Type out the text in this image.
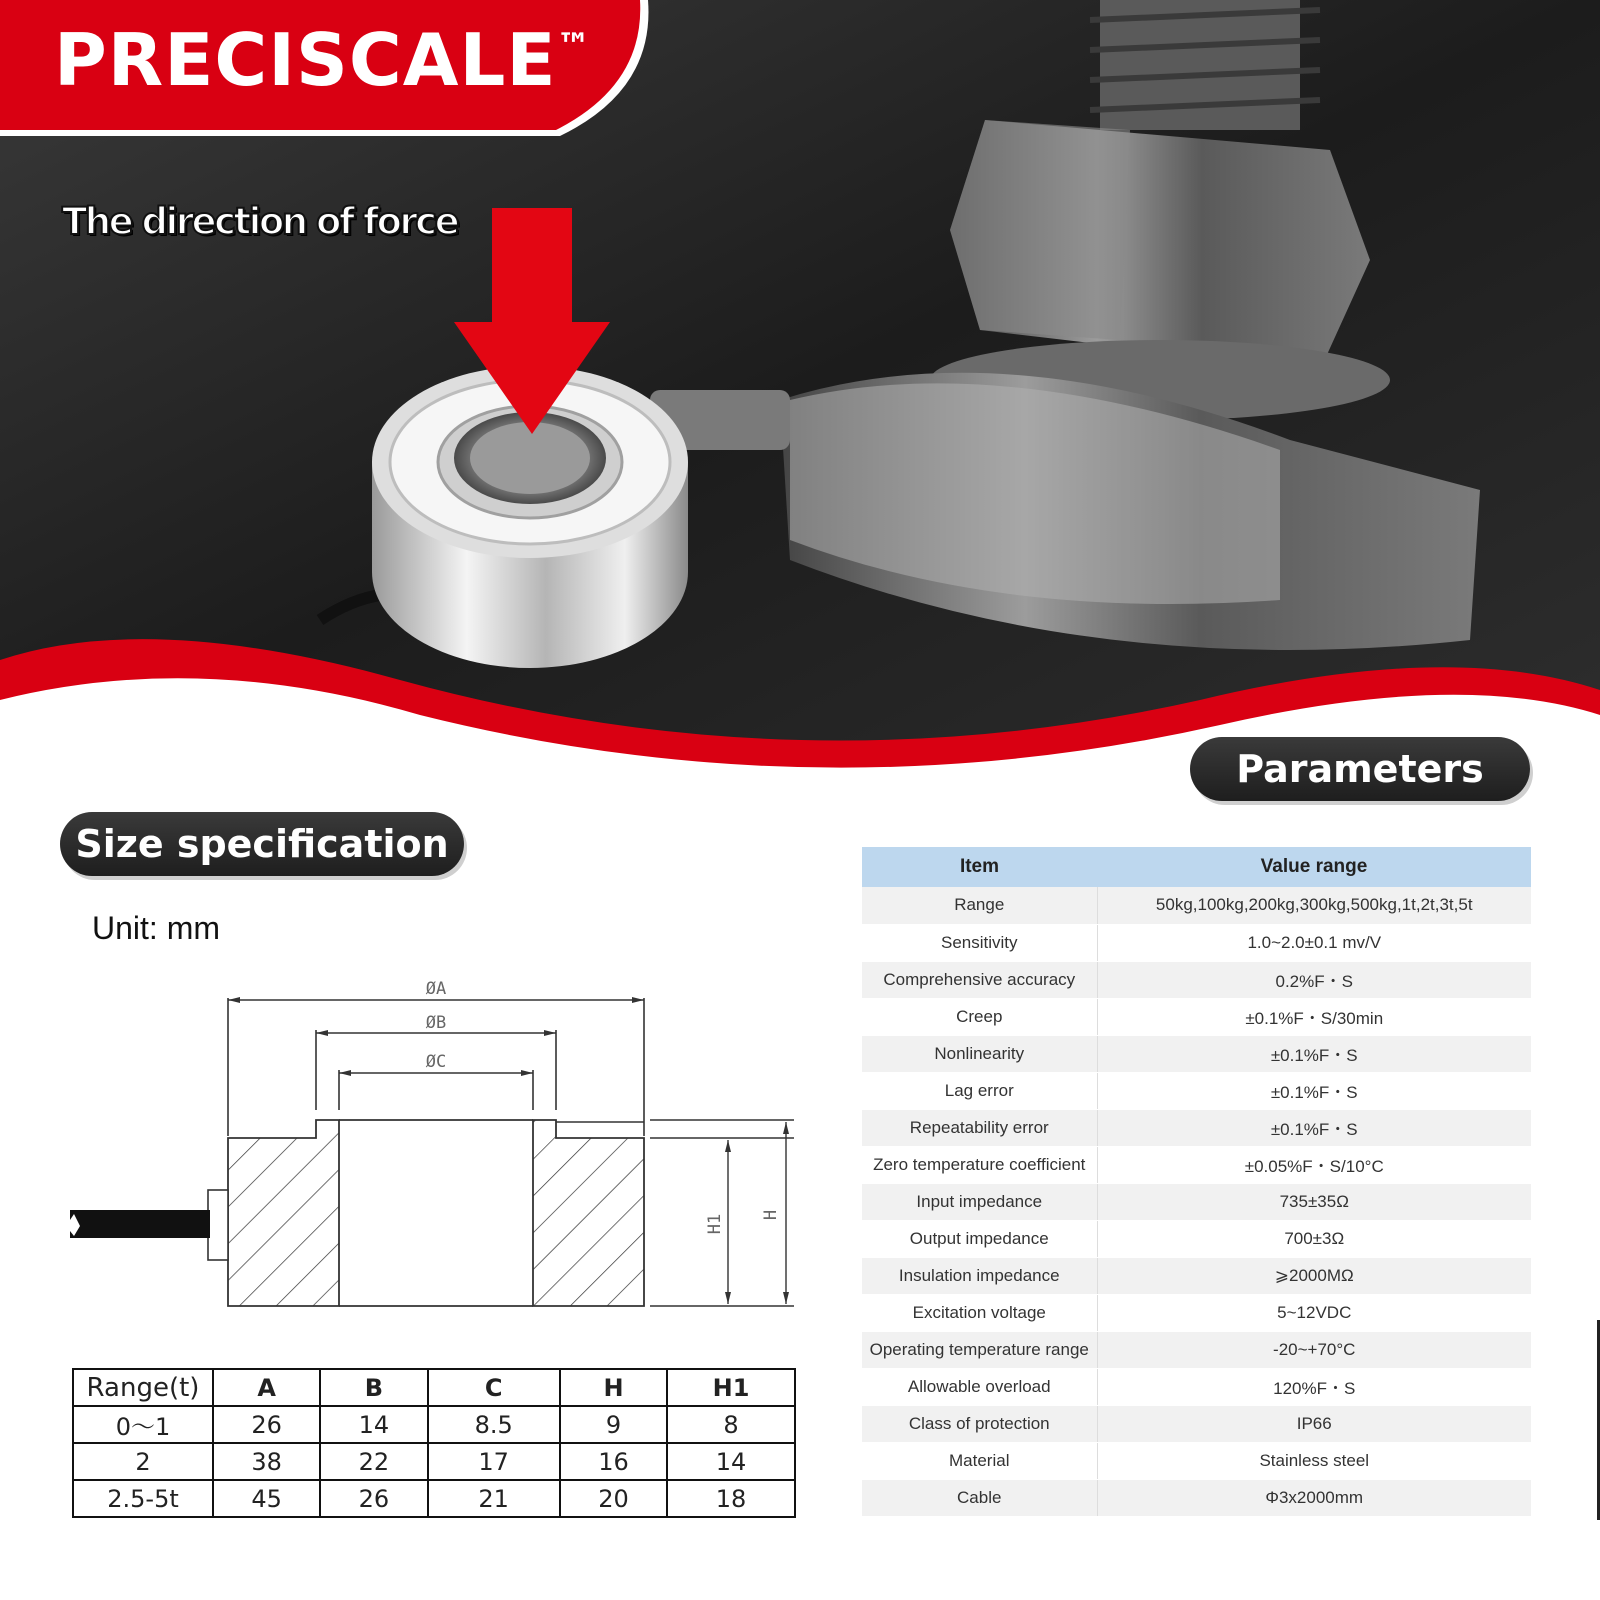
PRECISCALE™
The direction of force
Parameters
Size specification
Unit: mm
ØA
ØB
ØC
H1 H
Range(t)	A	B	C	H	H1
0～1	26	14	8.5	9	8
2	38	22	17	16	14
2.5-5t	45	26	21	20	18
Item	Value range
Range	50kg,100kg,200kg,300kg,500kg,1t,2t,3t,5t
Sensitivity	1.0~2.0±0.1 mv/V
Comprehensive accuracy	0.2%F・S
Creep	±0.1%F・S/30min
Nonlinearity	±0.1%F・S
Lag error	±0.1%F・S
Repeatability error	±0.1%F・S
Zero temperature coefficient	±0.05%F・S/10°C
Input impedance	735±35Ω
Output impedance	700±3Ω
Insulation impedance	⩾2000MΩ
Excitation voltage	5~12VDC
Operating temperature range	-20~+70°C
Allowable overload	120%F・S
Class of protection	IP66
Material	Stainless steel
Cable	Φ3x2000mm
